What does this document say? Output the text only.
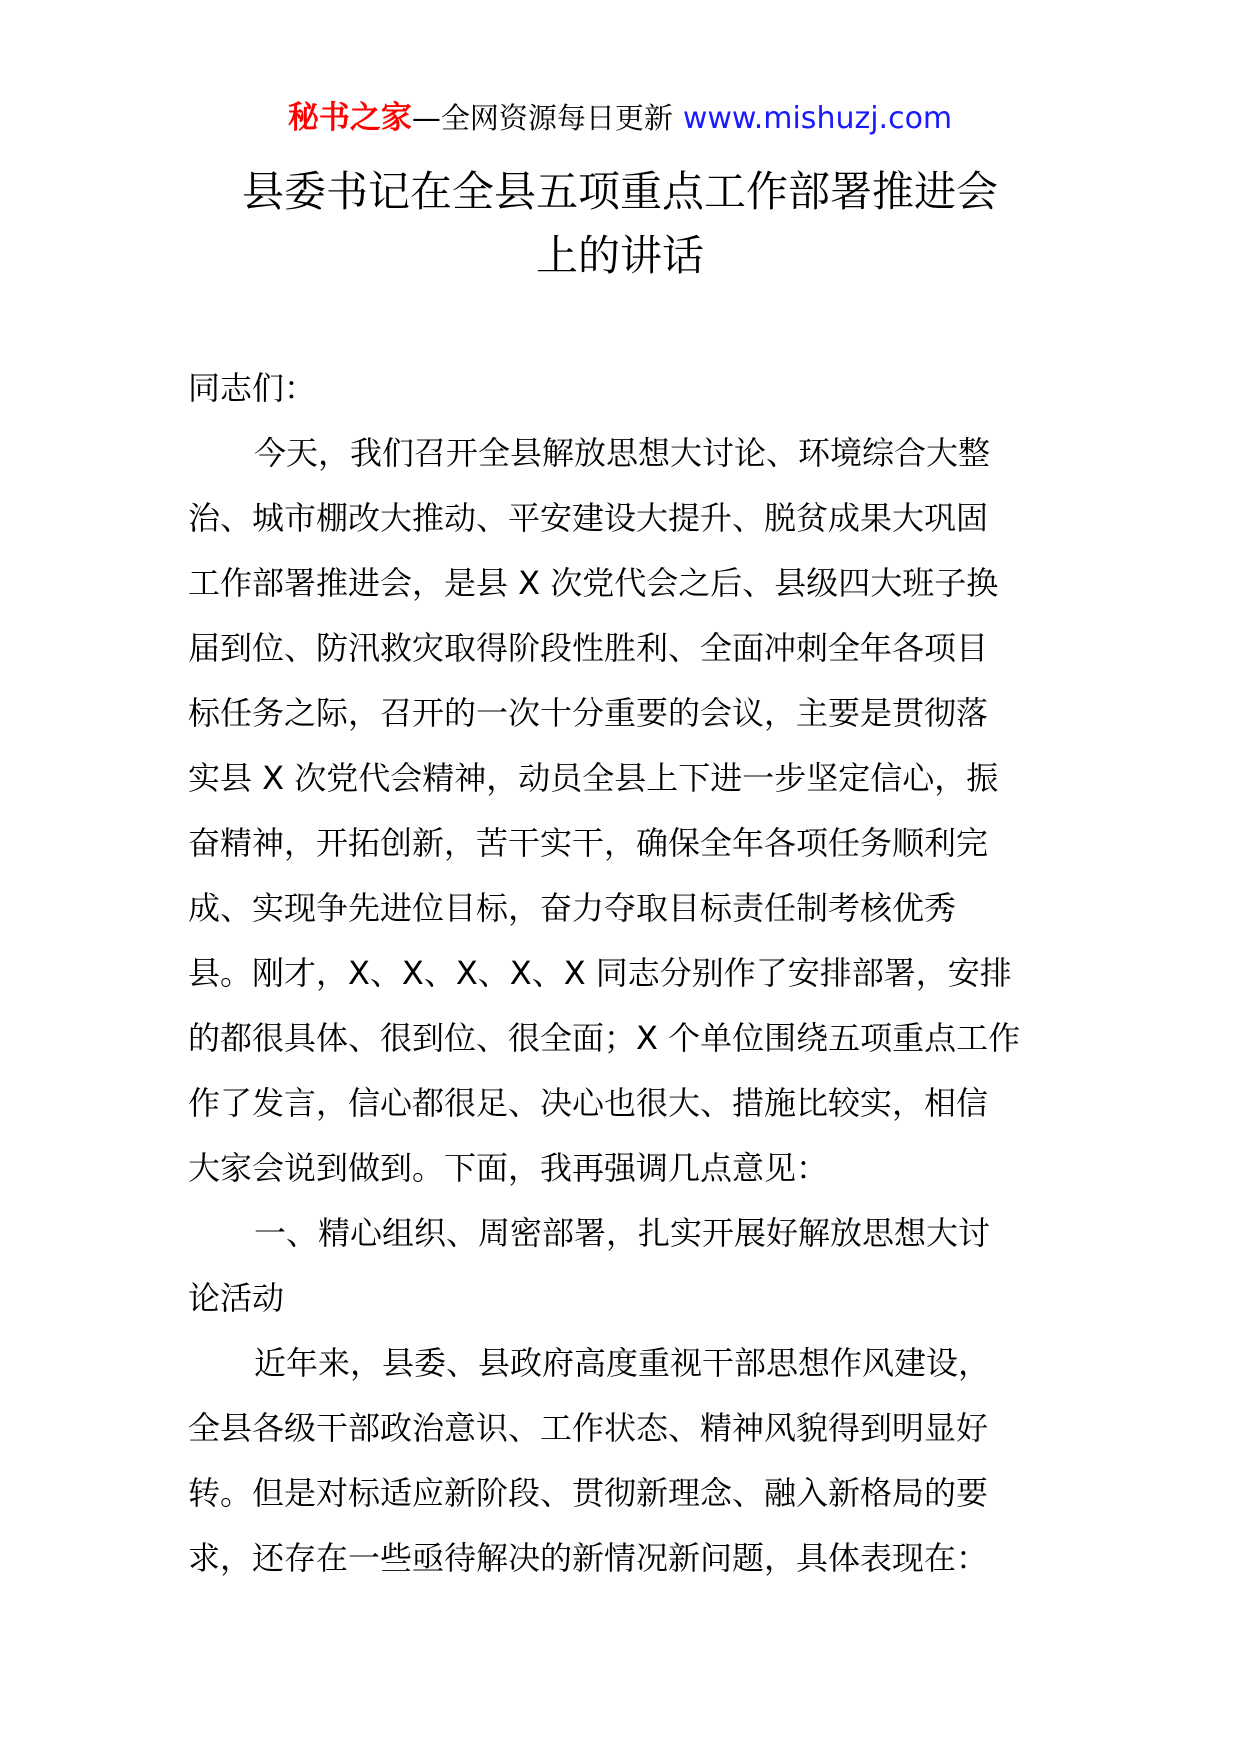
秘书之家—全网资源每日更新 www.mishuzj.com
县委书记在全县五项重点工作部署推进会
上的讲话
同志们：
今天，我们召开全县解放思想大讨论、环境综合大整
治、城市棚改大推动、平安建设大提升、脱贫成果大巩固
工作部署推进会，是县 X 次党代会之后、县级四大班子换
届到位、防汛救灾取得阶段性胜利、全面冲刺全年各项目
标任务之际，召开的一次十分重要的会议，主要是贯彻落
实县 X 次党代会精神，动员全县上下进一步坚定信心，振
奋精神，开拓创新，苦干实干，确保全年各项任务顺利完
成、实现争先进位目标，奋力夺取目标责任制考核优秀
县。刚才，X、X、X、X、X 同志分别作了安排部署，安排
的都很具体、很到位、很全面；X 个单位围绕五项重点工作
作了发言，信心都很足、决心也很大、措施比较实，相信
大家会说到做到。下面，我再强调几点意见：
一、精心组织、周密部署，扎实开展好解放思想大讨
论活动
近年来，县委、县政府高度重视干部思想作风建设，
全县各级干部政治意识、工作状态、精神风貌得到明显好
转。但是对标适应新阶段、贯彻新理念、融入新格局的要
求，还存在一些亟待解决的新情况新问题，具体表现在：
